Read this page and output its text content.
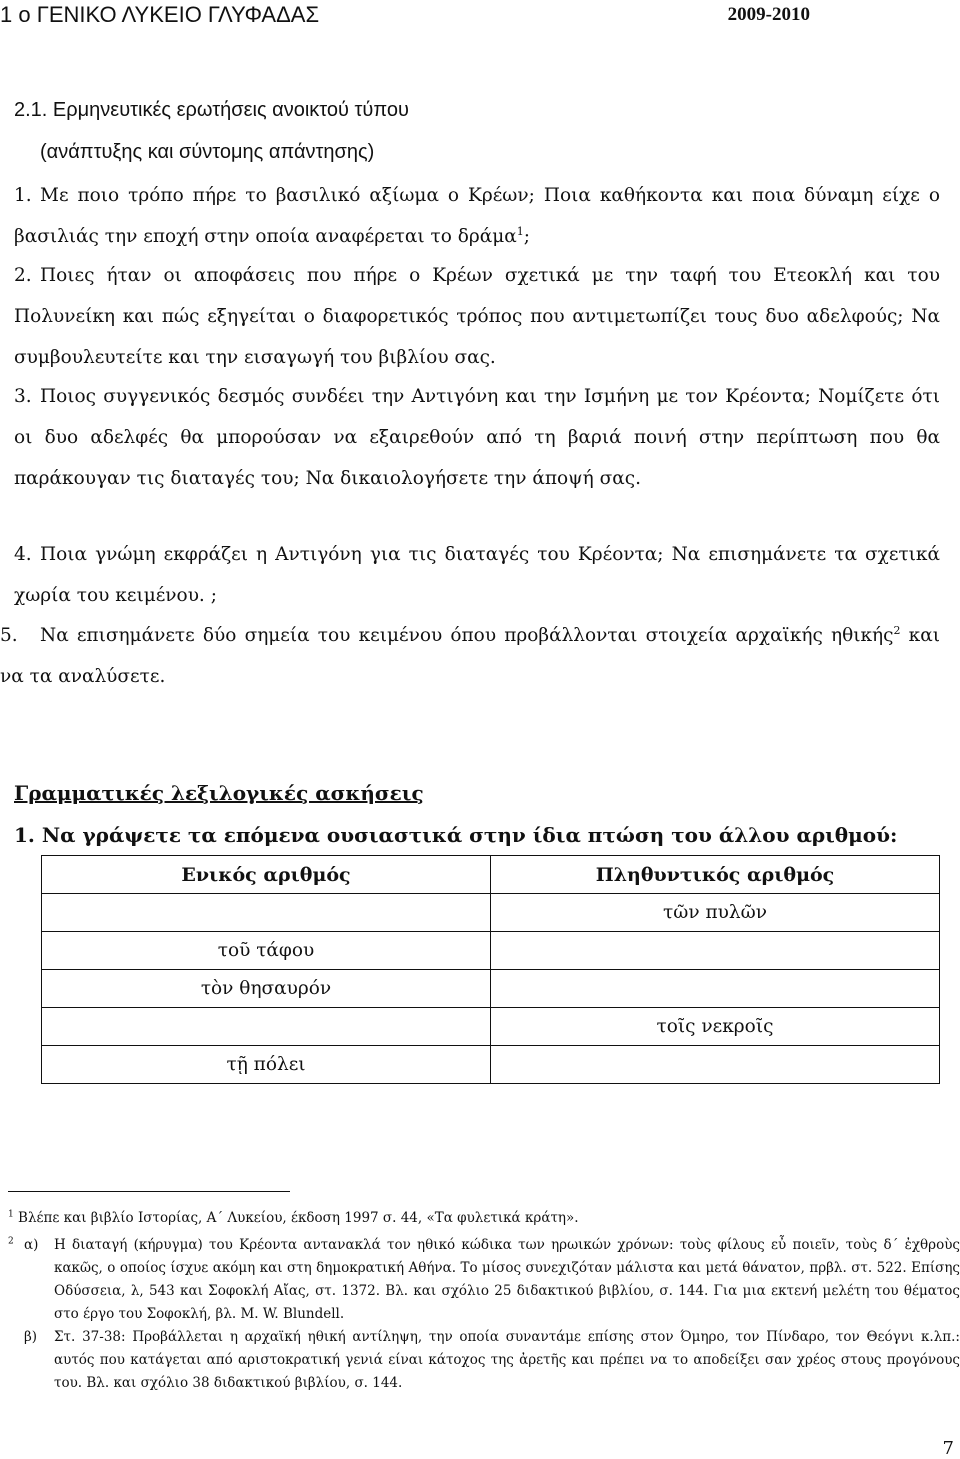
1 ο ΓΕΝΙΚΟ ΛΥΚΕΙΟ ΓΛΥΦΑΔΑΣ	2009-2010
2.1. Ερμηνευτικές ερωτήσεις ανοικτού τύπου
(ανάπτυξης και σύντομης απάντησης)
1. Με ποιο τρόπο πήρε το βασιλικό αξίωμα ο Κρέων; Ποια καθήκοντα και ποια δύναμη είχε ο βασιλιάς την εποχή στην οποία αναφέρεται το δράμα$^1$;
2. Ποιες ήταν οι αποφάσεις που πήρε ο Κρέων σχετικά με την ταφή του Ετεοκλή και του Πολυνείκη και πώς εξηγείται ο διαφορετικός τρόπος που αντιμετωπίζει τους δυο αδελφούς; Να συμβουλευτείτε και την εισαγωγή του βιβλίου σας.
3. Ποιος συγγενικός δεσμός συνδέει την Αντιγόνη και την Ισμήνη με τον Κρέοντα; Νομίζετε ότι οι δυο αδελφές θα μπορούσαν να εξαιρεθούν από τη βαριά ποινή στην περίπτωση που θα παράκουγαν τις διαταγές του; Να δικαιολογήσετε την άποψή σας.
4. Ποια γνώμη εκφράζει η Αντιγόνη για τις διαταγές του Κρέοντα; Να επισημάνετε τα σχετικά χωρία του κειμένου. ;
5. Να επισημάνετε δύο σημεία του κειμένου όπου προβάλλονται στοιχεία αρχαϊκής ηθικής$^2$ και να τα αναλύσετε.
Γραμματικές λεξιλογικές ασκήσεις
1. Να γράψετε τα επόμενα ουσιαστικά στην ίδια πτώση του άλλου αριθμού:
Ενικός αριθμός	Πληθυντικός αριθμός
	τῶν πυλῶν
τοῦ τάφου	
τὸν θησαυρόν	
	τοῖς νεκροῖς
τῇ πόλει	
$^1$ Βλέπε και βιβλίο Ιστορίας, Α΄ Λυκείου, έκδοση 1997 σ. 44, «Τα φυλετικά κράτη».
$^2$ α)	Η διαταγή (κήρυγμα) του Κρέοντα αντανακλά τον ηθικό κώδικα των ηρωικών χρόνων: τοὺς φίλους εὖ ποιεῖν, τοὺς δ΄ ἐχθροὺς κακῶς, ο οποίος ίσχυε ακόμη και στη δημοκρατική Αθήνα. Το μίσος συνεχιζόταν μάλιστα και μετά θάνατον, πρβλ. στ. 522. Επίσης Οδύσσεια, λ, 543 και Σοφοκλή Αἴας, στ. 1372. Βλ. και σχόλιο 25 διδακτικού βιβλίου, σ. 144. Για μια εκτενή μελέτη του θέματος στο έργο του Σοφοκλή, βλ. M. W. Blundell.
β)	Στ. 37-38: Προβάλλεται η αρχαϊκή ηθική αντίληψη, την οποία συναντάμε επίσης στον Όμηρο, τον Πίνδαρο, τον Θεόγνι κ.λπ.: αυτός που κατάγεται από αριστοκρατική γενιά είναι κάτοχος της ἀρετῆς και πρέπει να το αποδείξει σαν χρέος στους προγόνους του. Βλ. και σχόλιο 38 διδακτικού βιβλίου, σ. 144.
7
